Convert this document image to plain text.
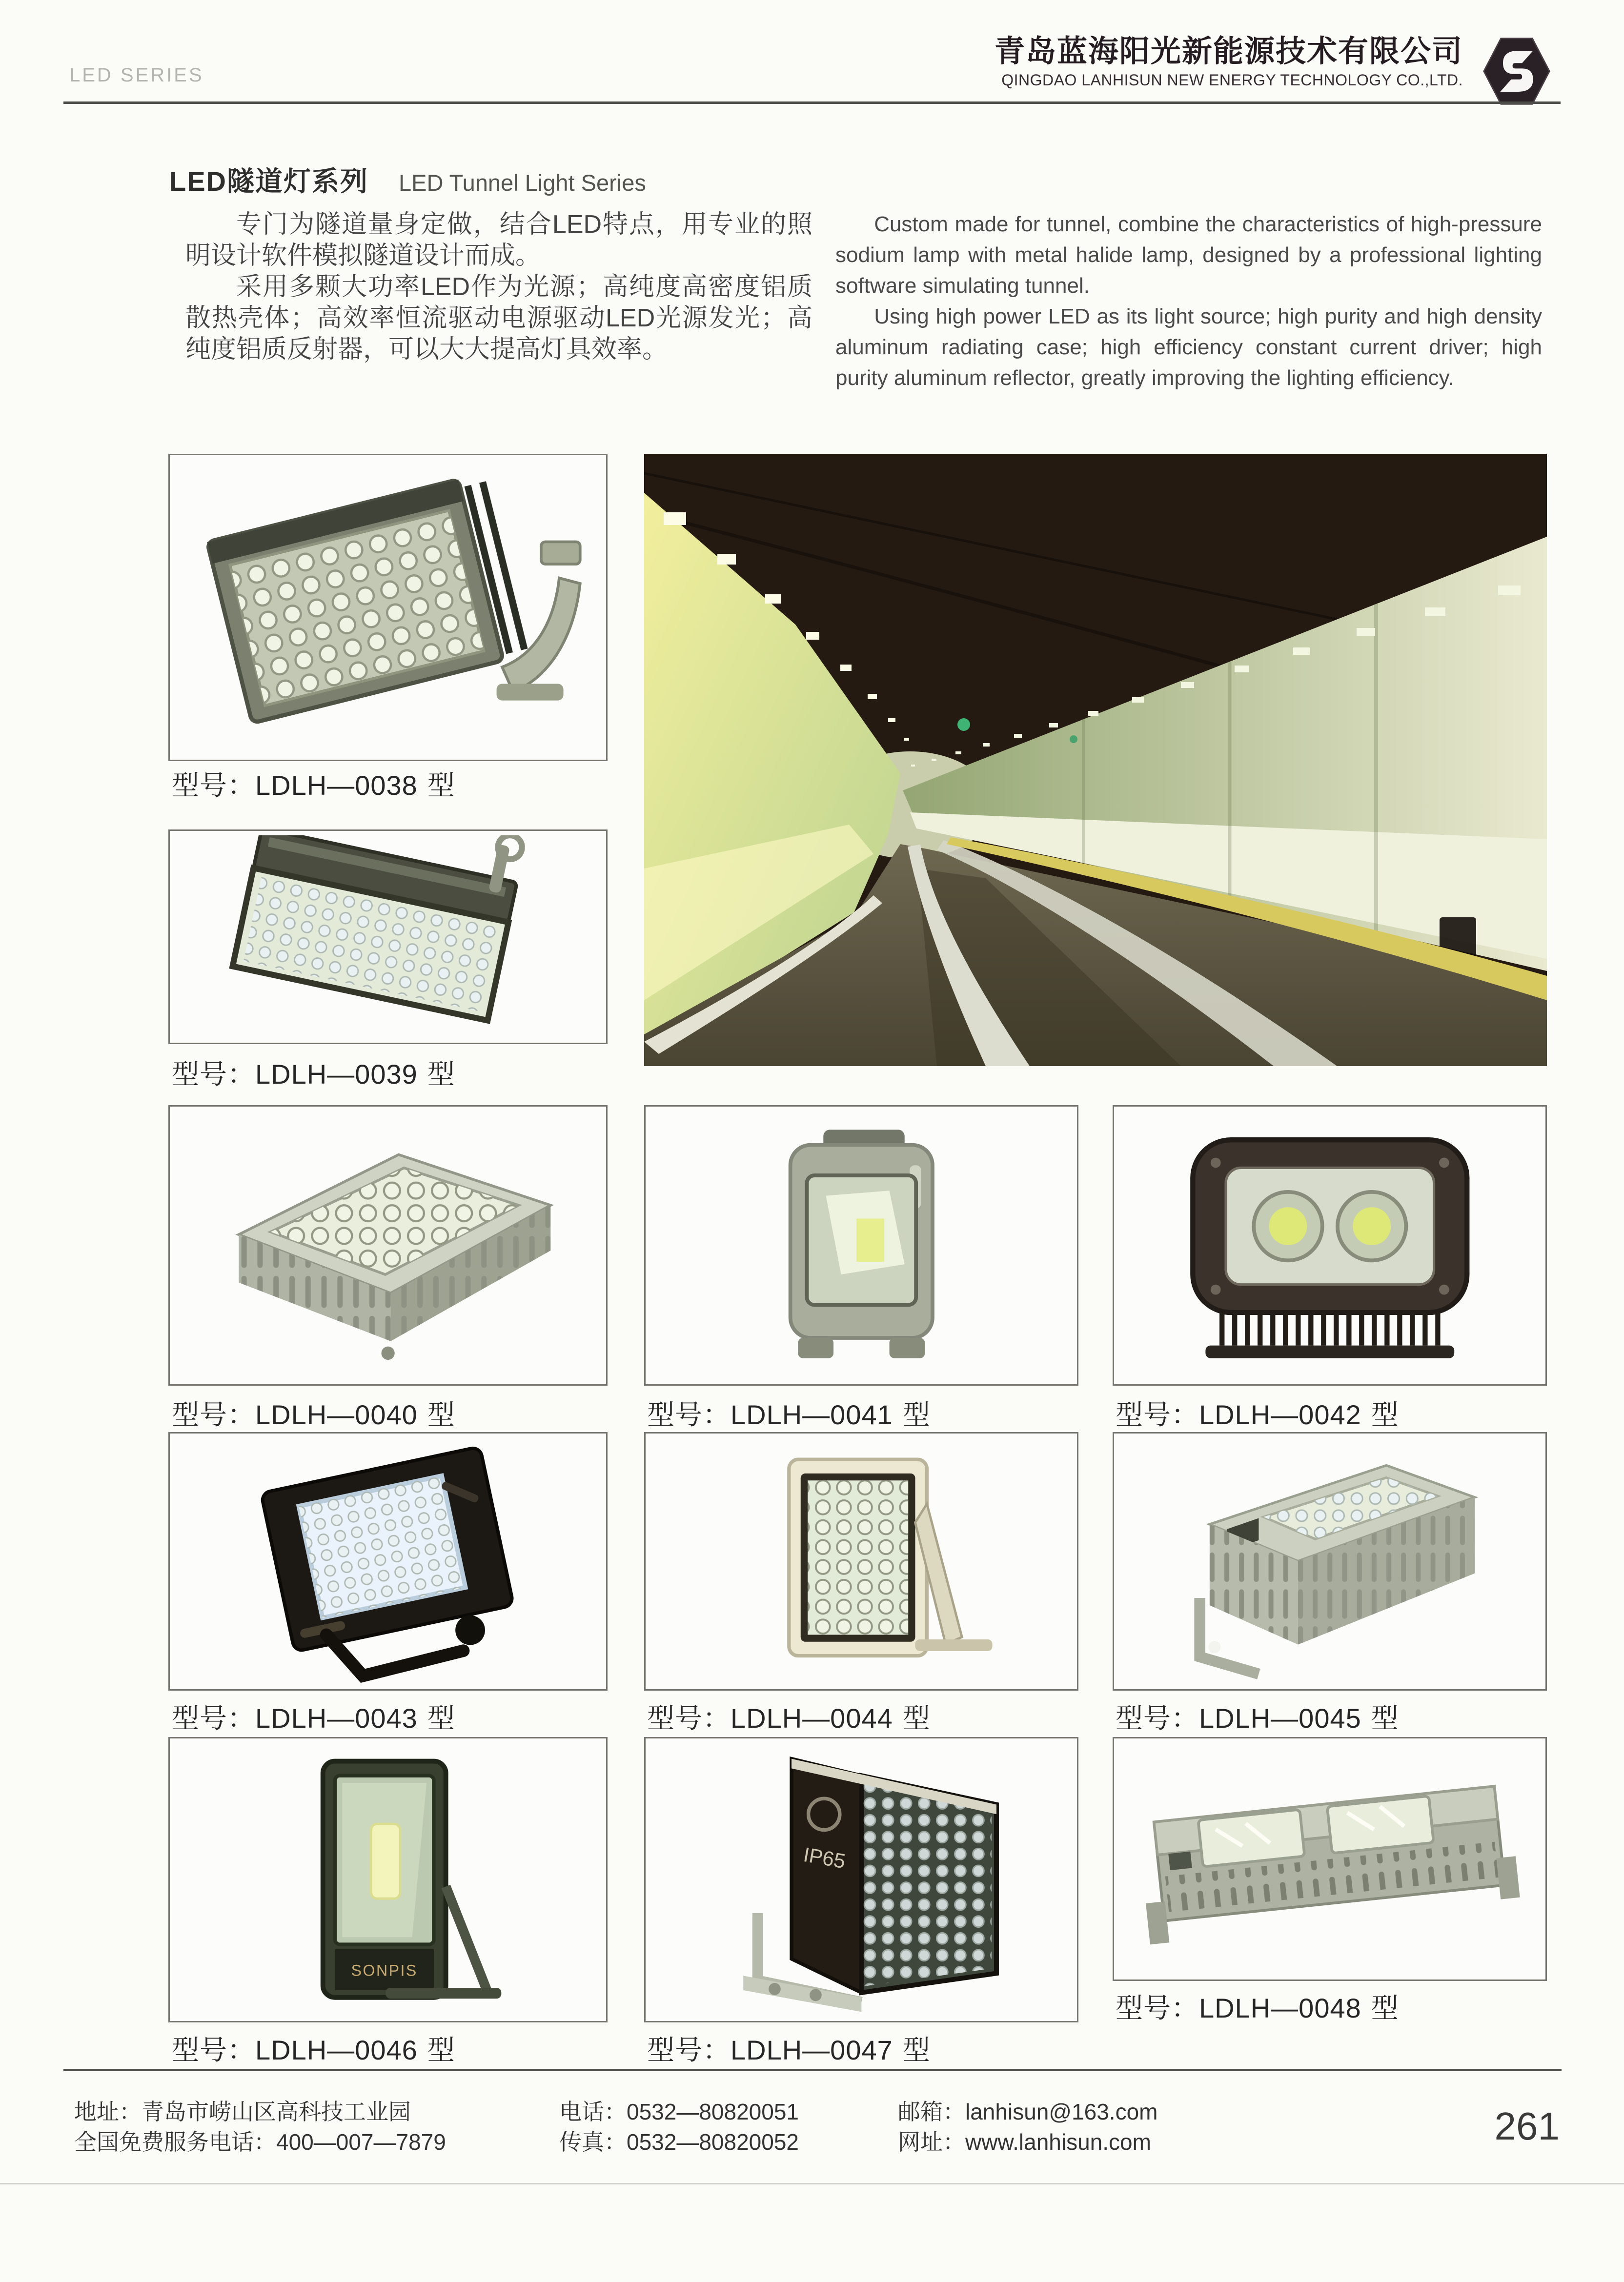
LED SERIES
青岛蓝海阳光新能源技术有限公司
QINGDAO LANHISUN NEW ENERGY TECHNOLOGY CO.,LTD.
LED隧道灯系列 LED Tunnel Light Series

专门为隧道量身定做，结合LED特点，用专业的照明设计软件模拟隧道设计而成。

采用多颗大功率LED作为光源；高纯度高密度铝质散热壳体；高效率恒流驱动电源驱动LED光源发光；高纯度铝质反射器，可以大大提高灯具效率。

Custom made for tunnel, combine the characteristics of high-pressure sodium lamp with metal halide lamp, designed by a professional lighting software simulating tunnel.

Using high power LED as its light source; high purity and high density aluminum radiating case; high efficiency constant current driver; high purity aluminum reflector, greatly improving the lighting efficiency.

型号：LDLH—0038 型
型号：LDLH—0039 型
型号：LDLH—0040 型	型号：LDLH—0041 型	型号：LDLH—0042 型
型号：LDLH—0043 型	型号：LDLH—0044 型	型号：LDLH—0045 型
SONPIS
型号：LDLH—0046 型
IP65
型号：LDLH—0047 型
型号：LDLH—0048 型
地址：青岛市崂山区高科技工业园
全国免费服务电话：400—007—7879
电话：0532—80820051
传真：0532—80820052
邮箱：lanhisun@163.com
网址：www.lanhisun.com	261
